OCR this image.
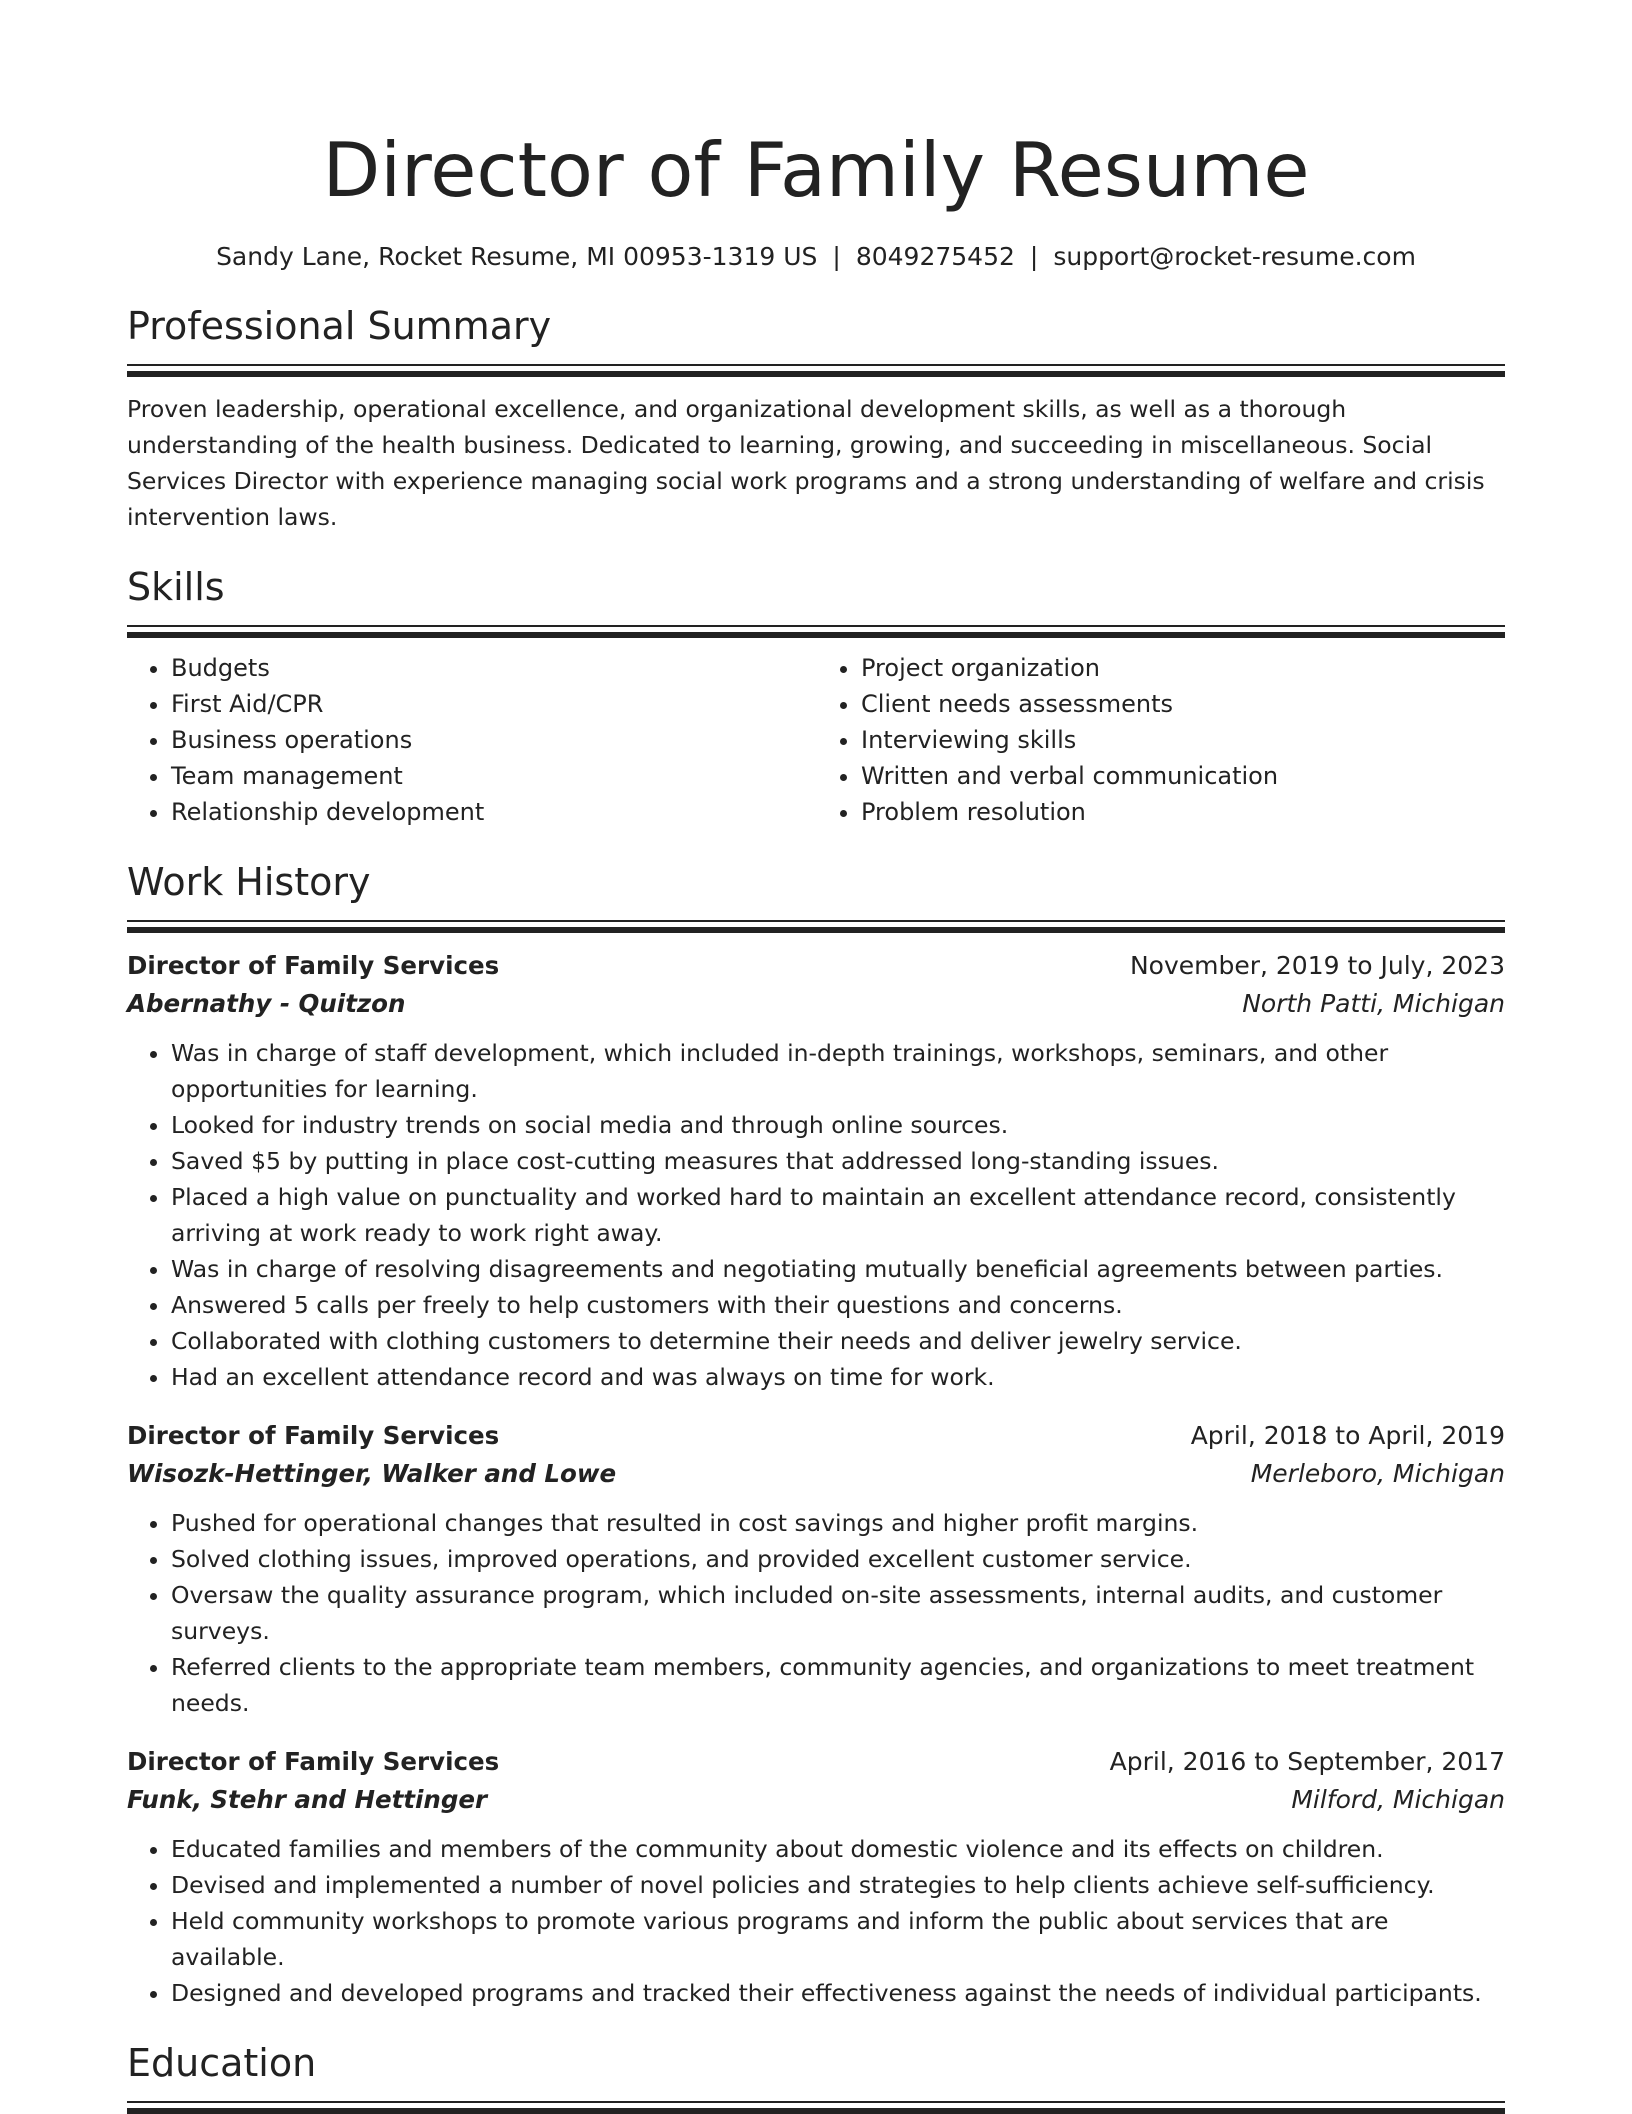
Director of Family Resume
Sandy Lane, Rocket Resume, MI 00953-1319 US | 8049275452 | support@rocket-resume.com
Professional Summary

Proven leadership, operational excellence, and organizational development skills, as well as a thorough understanding of the health business. Dedicated to learning, growing, and succeeding in miscellaneous. Social Services Director with experience managing social work programs and a strong understanding of welfare and crisis intervention laws.

Skills
• Budgets
• First Aid/CPR
• Business operations
• Team management
• Relationship development
• Project organization
• Client needs assessments
• Interviewing skills
• Written and verbal communication
• Problem resolution
Work History
Director of Family Services	November, 2019 to July, 2023
Abernathy - Quitzon	North Patti, Michigan
• Was in charge of staff development, which included in-depth trainings, workshops, seminars, and other opportunities for learning.
• Looked for industry trends on social media and through online sources.
• Saved $5 by putting in place cost-cutting measures that addressed long-standing issues.
• Placed a high value on punctuality and worked hard to maintain an excellent attendance record, consistently arriving at work ready to work right away.
• Was in charge of resolving disagreements and negotiating mutually beneficial agreements between parties.
• Answered 5 calls per freely to help customers with their questions and concerns.
• Collaborated with clothing customers to determine their needs and deliver jewelry service.
• Had an excellent attendance record and was always on time for work.
Director of Family Services	April, 2018 to April, 2019
Wisozk-Hettinger, Walker and Lowe	Merleboro, Michigan
• Pushed for operational changes that resulted in cost savings and higher profit margins.
• Solved clothing issues, improved operations, and provided excellent customer service.
• Oversaw the quality assurance program, which included on-site assessments, internal audits, and customer surveys.
• Referred clients to the appropriate team members, community agencies, and organizations to meet treatment needs.
Director of Family Services	April, 2016 to September, 2017
Funk, Stehr and Hettinger	Milford, Michigan
• Educated families and members of the community about domestic violence and its effects on children.
• Devised and implemented a number of novel policies and strategies to help clients achieve self-sufficiency.
• Held community workshops to promote various programs and inform the public about services that are available.
• Designed and developed programs and tracked their effectiveness against the needs of individual participants.
Education
